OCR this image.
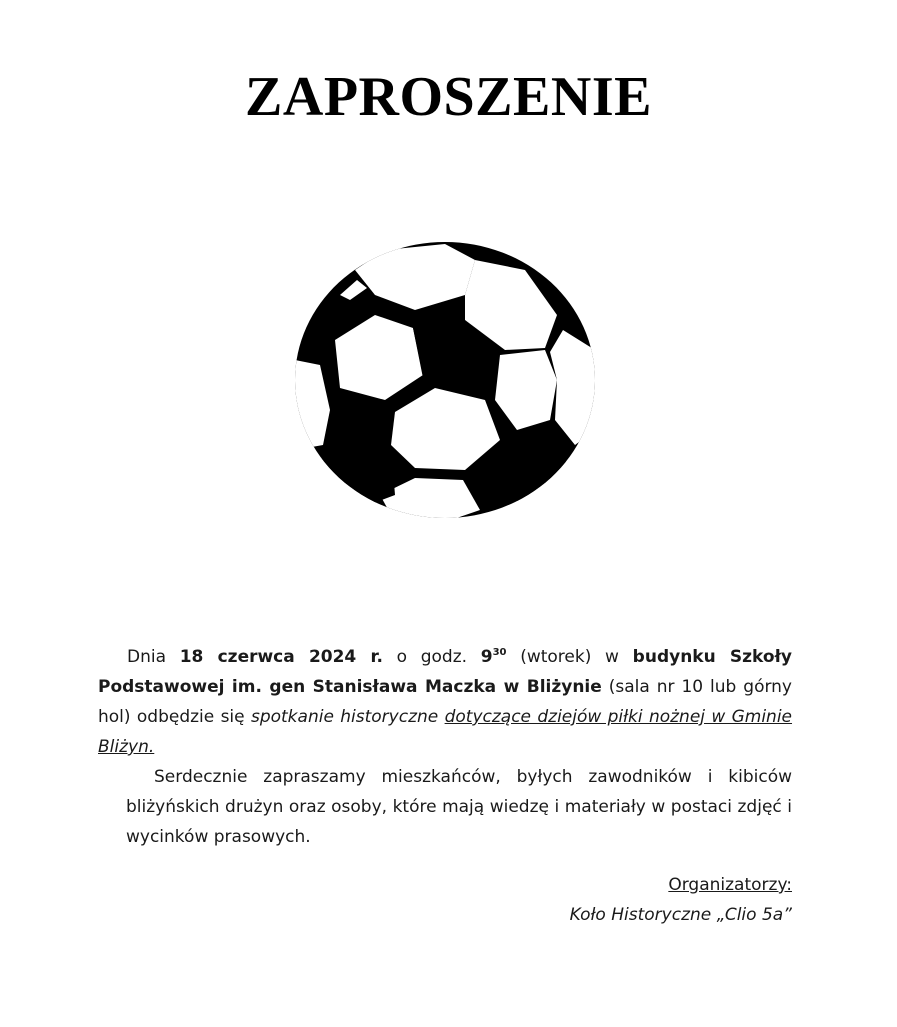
ZAPROSZENIE

Dnia 18 czerwca 2024 r. o godz. $9^{30}$ (wtorek) w budynku Szkoły Podstawowej im. gen Stanisława Maczka w Bliżynie (sala nr 10 lub górny hol) odbędzie się spotkanie historyczne dotyczące dziejów piłki nożnej w Gminie Bliżyn.

Serdecznie zapraszamy mieszkańców, byłych zawodników i kibiców bliżyńskich drużyn oraz osoby, które mają wiedzę i materiały w postaci zdjęć i wycinków prasowych.

Organizatorzy:
Koło Historyczne „Clio 5a”
